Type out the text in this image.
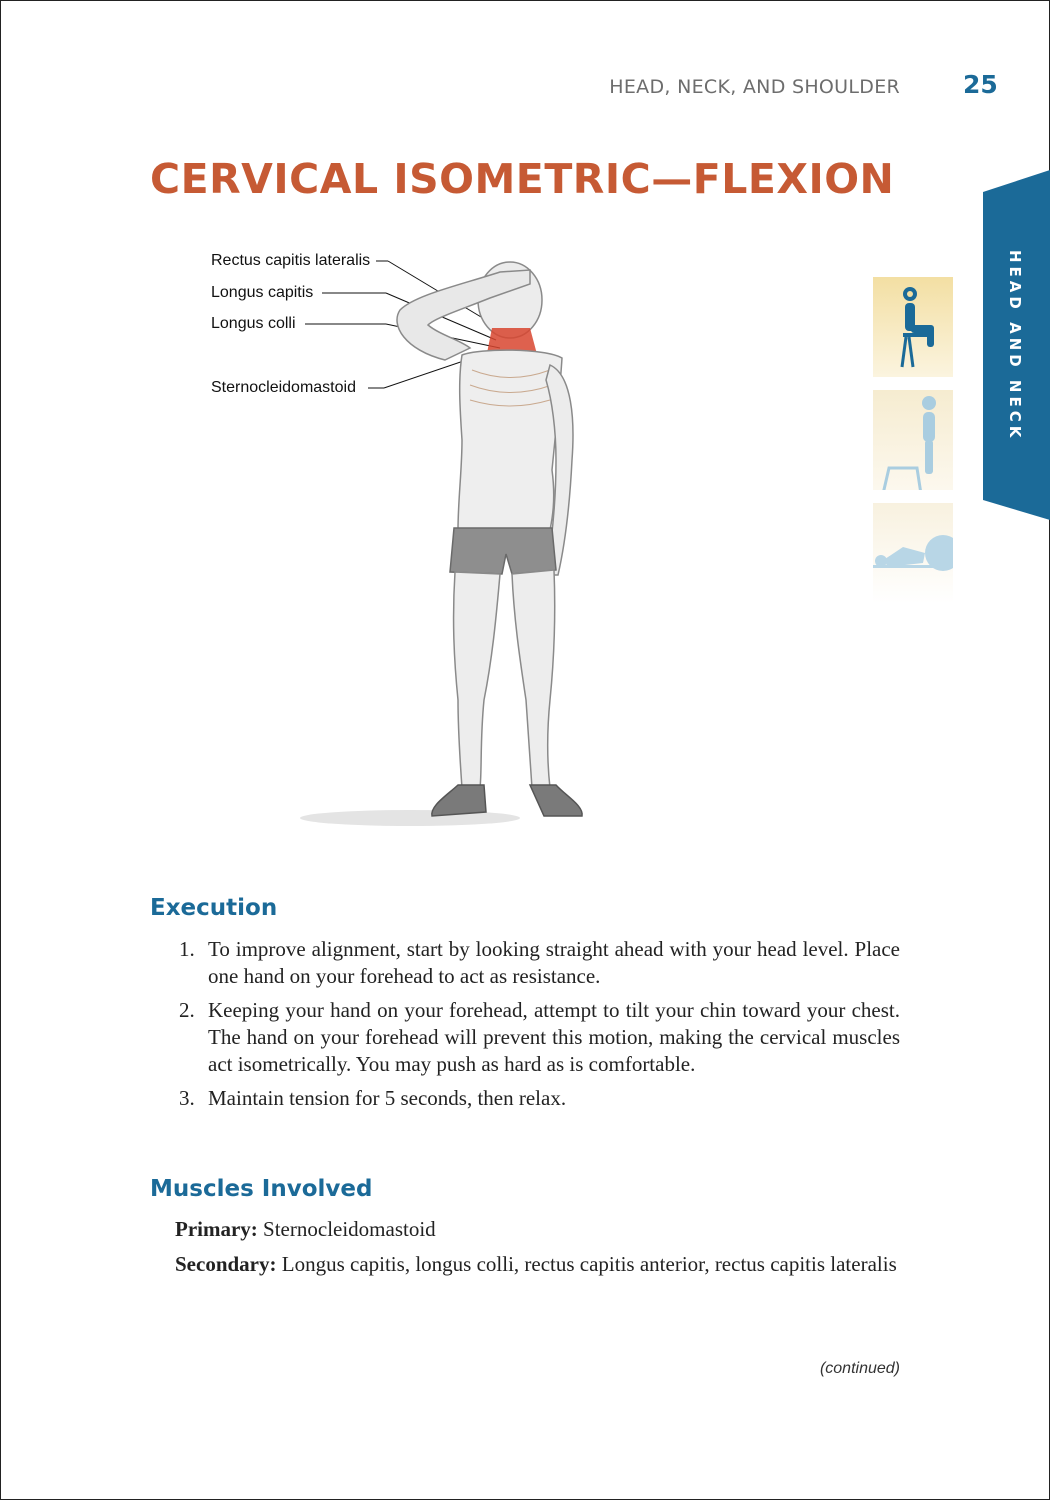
HEAD, NECK, AND SHOULDER	25
HEAD AND NECK
CERVICAL ISOMETRIC—FLEXION
Rectus capitis lateralis
Longus capitis
Longus colli
Sternocleidomastoid
Execution
1. To improve alignment, start by looking straight ahead with your head level. Place one hand on your forehead to act as resistance.
2. Keeping your hand on your forehead, attempt to tilt your chin toward your chest. The hand on your forehead will prevent this motion, making the cervical muscles act isometrically. You may push as hard as is comfortable.
3. Maintain tension for 5 seconds, then relax.
Muscles Involved

Primary: Sternocleidomastoid

Secondary: Longus capitis, longus colli, rectus capitis anterior, rectus capitis lateralis

(continued)
